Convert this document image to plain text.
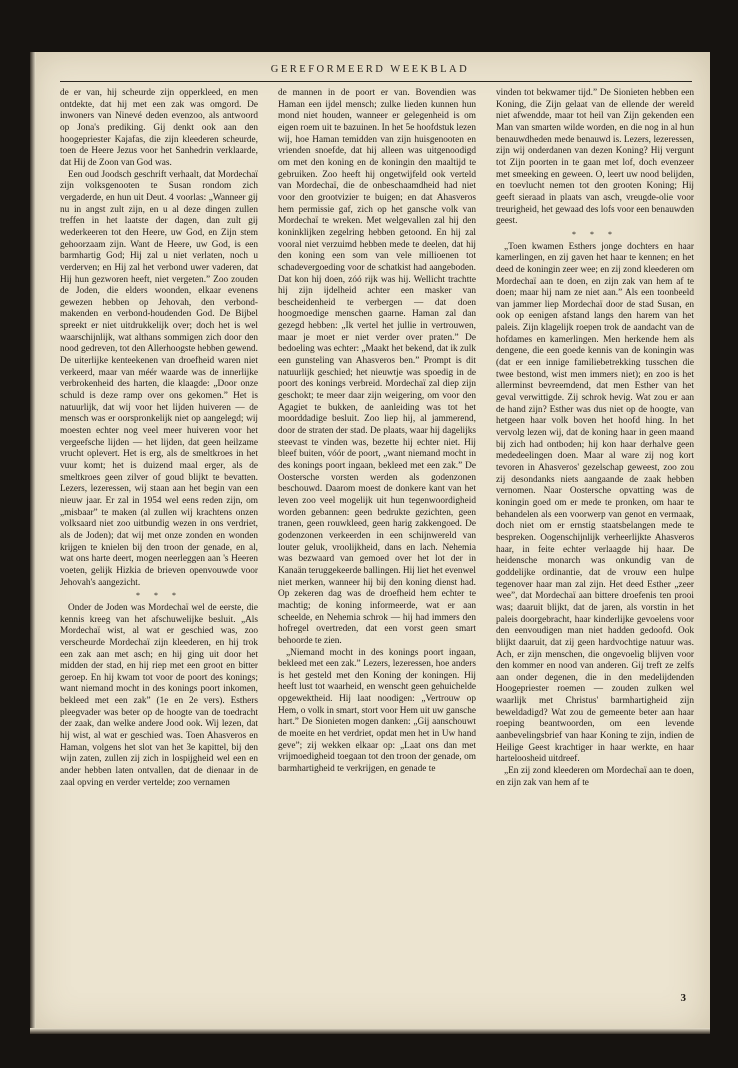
GEREFORMEERD WEEKBLAD

de er van, hij scheurde zijn opperkleed, en men ontdekte, dat hij met een zak was omgord. De inwoners van Ninevé deden evenzoo, als antwoord op Jona's prediking. Gij denkt ook aan den hoogepriester Kajafas, die zijn kleederen scheurde, toen de Heere Jezus voor het Sanhedrin verklaarde, dat Hij de Zoon van God was.

Een oud Joodsch geschrift verhaalt, dat Mordechaï zijn volksgenooten te Susan rondom zich vergaderde, en hun uit Deut. 4 voorlas: „Wanneer gij nu in angst zult zijn, en u al deze dingen zullen treffen in het laatste der dagen, dan zult gij wederkeeren tot den Heere, uw God, en Zijn stem gehoorzaam zijn. Want de Heere, uw God, is een barmhartig God; Hij zal u niet verlaten, noch u verderven; en Hij zal het verbond uwer vaderen, dat Hij hun gezworen heeft, niet vergeten.” Zoo zouden de Joden, die elders woonden, elkaar evenens gewezen hebben op Jehovah, den verbond-makenden en verbond-houdenden God. De Bijbel spreekt er niet uitdrukkelijk over; doch het is wel waarschijnlijk, wat althans sommigen zich door den nood gedreven, tot den Allerhoogste hebben gewend. De uiterlijke kenteekenen van droefheid waren niet verkeerd, maar van méér waarde was de innerlijke verbrokenheid des harten, die klaagde: „Door onze schuld is deze ramp over ons gekomen.” Het is natuurlijk, dat wij voor het lijden huiveren — de mensch was er oorspronkelijk niet op aangelegd; wij moesten echter nog veel meer huiveren voor het vergeefsche lijden — het lijden, dat geen heilzame vrucht oplevert. Het is erg, als de smeltkroes in het vuur komt; het is duizend maal erger, als de smeltkroes geen zilver of goud blijkt te bevatten. Lezers, lezeressen, wij staan aan het begin van een nieuw jaar. Er zal in 1954 wel eens reden zijn, om „misbaar” te maken (al zullen wij krachtens onzen volksaard niet zoo uitbundig wezen in ons verdriet, als de Joden); dat wij met onze zonden en wonden krijgen te knielen bij den troon der genade, en al, wat ons harte deert, mogen neerleggen aan 's Heeren voeten, gelijk Hizkia de brieven openvouwde voor Jehovah's aangezicht.

* * *

Onder de Joden was Mordechaï wel de eerste, die kennis kreeg van het afschuwelijke besluit. „Als Mordechaï wist, al wat er geschied was, zoo verscheurde Mordechaï zijn kleederen, en hij trok een zak aan met asch; en hij ging uit door het midden der stad, en hij riep met een groot en bitter geroep. En hij kwam tot voor de poort des konings; want niemand mocht in des konings poort inkomen, bekleed met een zak” (1e en 2e vers). Esthers pleegvader was beter op de hoogte van de toedracht der zaak, dan welke andere Jood ook. Wij lezen, dat hij wist, al wat er geschied was. Toen Ahasveros en Haman, volgens het slot van het 3e kapittel, bij den wijn zaten, zullen zij zich in lospijgheid wel een en ander hebben laten ontvallen, dat de dienaar in de zaal opving en verder vertelde; zoo vernamen

de mannen in de poort er van. Bovendien was Haman een ijdel mensch; zulke lieden kunnen hun mond niet houden, wanneer er gelegenheid is om eigen roem uit te bazuinen. In het 5e hoofdstuk lezen wij, hoe Haman temidden van zijn huisgenooten en vrienden snoefde, dat hij alleen was uitgenoodigd om met den koning en de koningin den maaltijd te gebruiken. Zoo heeft hij ongetwijfeld ook verteld van Mordechaï, die de onbeschaamdheid had niet voor den grootvizier te buigen; en dat Ahasveros hem permissie gaf, zich op het gansche volk van Mordechaï te wreken. Met welgevallen zal hij den koninklijken zegelring hebben getoond. En hij zal vooral niet verzuimd hebben mede te deelen, dat hij den koning een som van vele millioenen tot schadevergoeding voor de schatkist had aangeboden. Dat kon hij doen, zóó rijk was hij. Wellicht trachtte hij zijn ijdelheid achter een masker van bescheidenheid te verbergen — dat doen hoogmoedige menschen gaarne. Haman zal dan gezegd hebben: „Ik vertel het jullie in vertrouwen, maar je moet er niet verder over praten.” De bedoeling was echter: „Maakt het bekend, dat ik zulk een gunsteling van Ahasveros ben.” Prompt is dit natuurlijk geschied; het nieuwtje was spoedig in de poort des konings verbreid. Mordechaï zal diep zijn geschokt; te meer daar zijn weigering, om voor den Agagiet te bukken, de aanleiding was tot het moorddadige besluit. Zoo liep hij, al jammerend, door de straten der stad. De plaats, waar hij dagelijks steevast te vinden was, bezette hij echter niet. Hij bleef buiten, vóór de poort, „want niemand mocht in des konings poort ingaan, bekleed met een zak.” De Oostersche vorsten werden als godenzonen beschouwd. Daarom moest de donkere kant van het leven zoo veel mogelijk uit hun tegenwoordigheid worden gebannen: geen bedrukte gezichten, geen tranen, geen rouwkleed, geen harig zakkengoed. De godenzonen verkeerden in een schijnwereld van louter geluk, vroolijkheid, dans en lach. Nehemia was bezwaard van gemoed over het lot der in Kanaän teruggekeerde ballingen. Hij liet het evenwel niet merken, wanneer hij bij den koning dienst had. Op zekeren dag was de droefheid hem echter te machtig; de koning informeerde, wat er aan scheelde, en Nehemia schrok — hij had immers den hofregel overtreden, dat een vorst geen smart behoorde te zien.

„Niemand mocht in des konings poort ingaan, bekleed met een zak.” Lezers, lezeressen, hoe anders is het gesteld met den Koning der koningen. Hij heeft lust tot waarheid, en wenscht geen gehuichelde opgewektheid. Hij laat noodigen: „Vertrouw op Hem, o volk in smart, stort voor Hem uit uw gansche hart.” De Sionieten mogen danken: „Gij aanschouwt de moeite en het verdriet, opdat men het in Uw hand geve”; zij wekken elkaar op: „Laat ons dan met vrijmoedigheid toegaan tot den troon der genade, om barmhartigheid te verkrijgen, en genade te

vinden tot bekwamer tijd.” De Sionieten hebben een Koning, die Zijn gelaat van de ellende der wereld niet afwendde, maar tot heil van Zijn gekenden een Man van smarten wilde worden, en die nog in al hun benauwdheden mede benauwd is. Lezers, lezeressen, zijn wij onderdanen van dezen Koning? Hij vergunt tot Zijn poorten in te gaan met lof, doch evenzeer met smeeking en geween. O, leert uw nood belijden, en toevlucht nemen tot den grooten Koning; Hij geeft sieraad in plaats van asch, vreugde-olie voor treurigheid, het gewaad des lofs voor een benauwden geest.

* * *

„Toen kwamen Esthers jonge dochters en haar kamerlingen, en zij gaven het haar te kennen; en het deed de koningin zeer wee; en zij zond kleederen om Mordechaï aan te doen, en zijn zak van hem af te doen; maar hij nam ze niet aan.” Als een toonbeeld van jammer liep Mordechaï door de stad Susan, en ook op eenigen afstand langs den harem van het paleis. Zijn klagelijk roepen trok de aandacht van de hofdames en kamerlingen. Men herkende hem als dengene, die een goede kennis van de koningin was (dat er een innige familiebetrekking tusschen die twee bestond, wist men immers niet); en zoo is het allerminst bevreemdend, dat men Esther van het geval verwittigde. Zij schrok hevig. Wat zou er aan de hand zijn? Esther was dus niet op de hoogte, van hetgeen haar volk boven het hoofd hing. In het vervolg lezen wij, dat de koning haar in geen maand bij zich had ontboden; hij kon haar derhalve geen mededeelingen doen. Maar al ware zij nog kort tevoren in Ahasveros' gezelschap geweest, zoo zou zij desondanks niets aangaande de zaak hebben vernomen. Naar Oostersche opvatting was de koningin goed om er mede te pronken, om haar te behandelen als een voorwerp van genot en vermaak, doch niet om er ernstig staatsbelangen mede te bespreken. Oogenschijnlijk verheerlijkte Ahasveros haar, in feite echter verlaagde hij haar. De heidensche monarch was onkundig van de goddelijke ordinantie, dat de vrouw een hulpe tegenover haar man zal zijn. Het deed Esther „zeer wee”, dat Mordechaï aan bittere droefenis ten prooi was; daaruit blijkt, dat de jaren, als vorstin in het paleis doorgebracht, haar kinderlijke gevoelens voor den eenvoudigen man niet hadden gedoofd. Ook blijkt daaruit, dat zij geen hardvochtige natuur was. Ach, er zijn menschen, die ongevoelig blijven voor den kommer en nood van anderen. Gij treft ze zelfs aan onder degenen, die in den medelijdenden Hoogepriester roemen — zouden zulken wel waarlijk met Christus' barmhartigheid zijn beweldadigd? Wat zou de gemeente beter aan haar roeping beantwoorden, om een levende aanbevelingsbrief van haar Koning te zijn, indien de Heilige Geest krachtiger in haar werkte, en haar harteloosheid uitdreef.

„En zij zond kleederen om Mordechaï aan te doen, en zijn zak van hem af te

3
